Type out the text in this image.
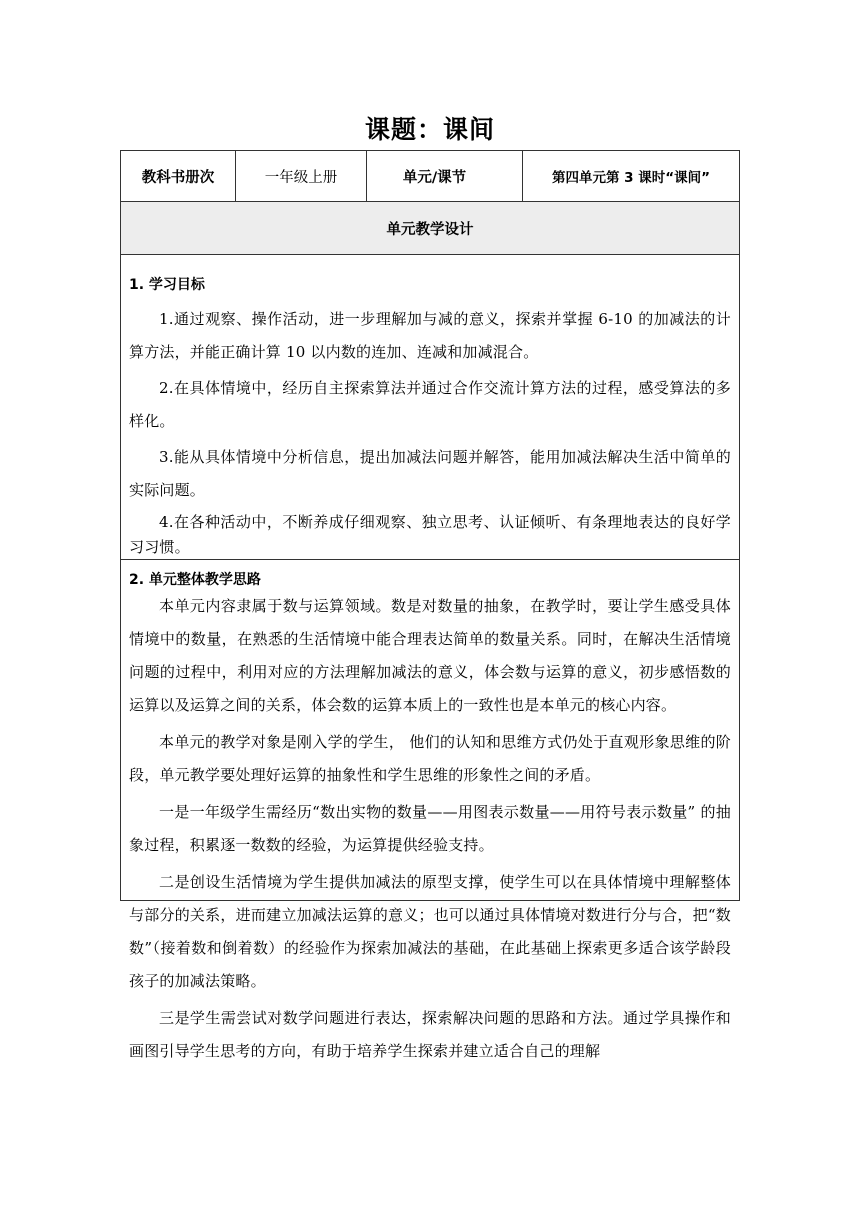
课题：课间
教科书册次	一年级上册	单元/课节	第四单元第 3 课时“课间”
单元教学设计

1. 学习目标

1.通过观察、操作活动，进一步理解加与减的意义，探索并掌握 6-10 的加减法的计算方法，并能正确计算 10 以内数的连加、连减和加减混合。

2.在具体情境中，经历自主探索算法并通过合作交流计算方法的过程，感受算法的多样化。

3.能从具体情境中分析信息，提出加减法问题并解答，能用加减法解决生活中简单的实际问题。

4.在各种活动中，不断养成仔细观察、独立思考、认证倾听、有条理地表达的良好学习习惯。

2. 单元整体教学思路

本单元内容隶属于数与运算领域。数是对数量的抽象，在教学时，要让学生感受具体情境中的数量，在熟悉的生活情境中能合理表达简单的数量关系。同时，在解决生活情境问题的过程中，利用对应的方法理解加减法的意义，体会数与运算的意义，初步感悟数的运算以及运算之间的关系，体会数的运算本质上的一致性也是本单元的核心内容。

本单元的教学对象是刚入学的学生， 他们的认知和思维方式仍处于直观形象思维的阶段，单元教学要处理好运算的抽象性和学生思维的形象性之间的矛盾。

一是一年级学生需经历“数出实物的数量——用图表示数量——用符号表示数量” 的抽象过程，积累逐一数数的经验，为运算提供经验支持。

二是创设生活情境为学生提供加减法的原型支撑，使学生可以在具体情境中理解整体与部分的关系，进而建立加减法运算的意义；也可以通过具体情境对数进行分与合，把“数数”（接着数和倒着数）的经验作为探索加减法的基础，在此基础上探索更多适合该学龄段孩子的加减法策略。

三是学生需尝试对数学问题进行表达，探索解决问题的思路和方法。通过学具操作和画图引导学生思考的方向，有助于培养学生探索并建立适合自己的理解
